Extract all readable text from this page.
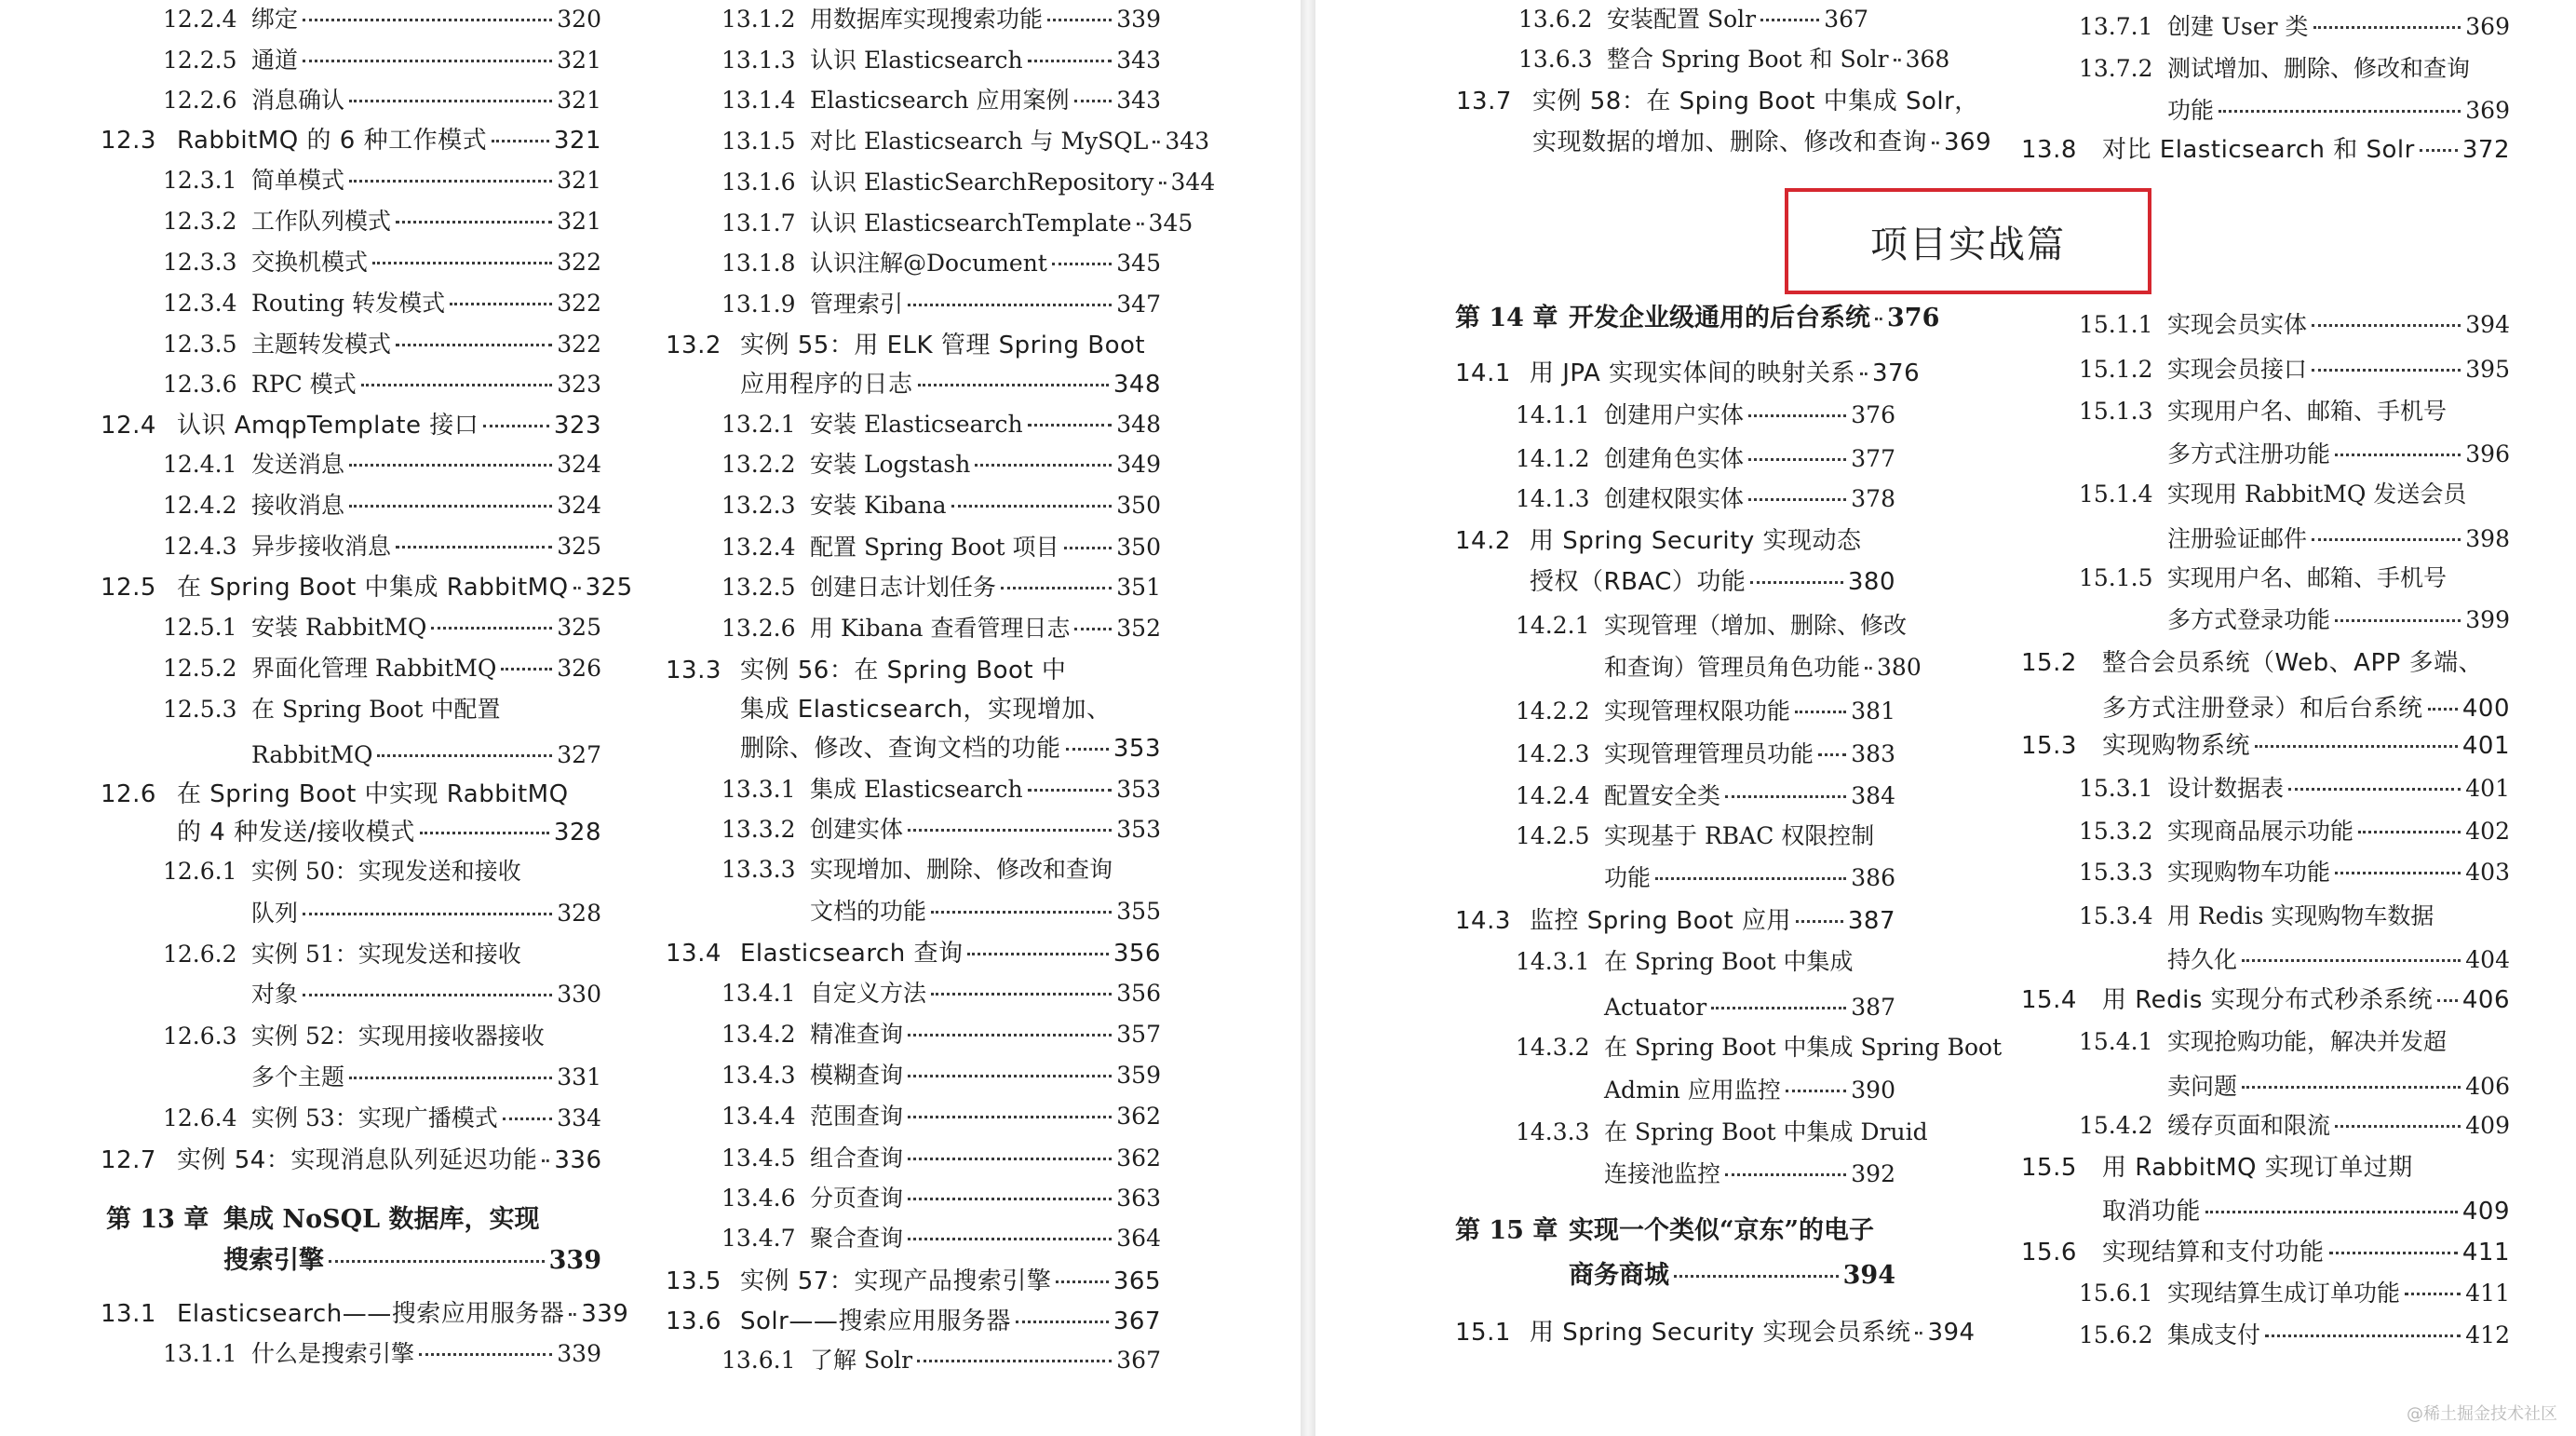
12.2.4 绑定	320
12.2.5 通道	321
12.2.6 消息确认	321
12.3 RabbitMQ 的 6 种工作模式	321
12.3.1 简单模式	321
12.3.2 工作队列模式	321
12.3.3 交换机模式	322
12.3.4 Routing 转发模式	322
12.3.5 主题转发模式	322
12.3.6 RPC 模式	323
12.4 认识 AmqpTemplate 接口	323
12.4.1 发送消息	324
12.4.2 接收消息	324
12.4.3 异步接收消息	325
12.5 在 Spring Boot 中集成 RabbitMQ 325
12.5.1 安装 RabbitMQ	325
12.5.2 界面化管理 RabbitMQ	326
12.5.3 在 Spring Boot 中配置
RabbitMQ	327
12.6 在 Spring Boot 中实现 RabbitMQ
的 4 种发送/接收模式	328
12.6.1 实例 50：实现发送和接收
队列	328
12.6.2 实例 51：实现发送和接收
对象	330
12.6.3 实例 52：实现用接收器接收
多个主题	331
12.6.4 实例 53：实现广播模式	334
12.7 实例 54：实现消息队列延迟功能 336
第 13 章 集成 NoSQL 数据库，实现
搜索引擎	339
13.1 Elasticsearch——搜索应用服务器 339
13.1.1 什么是搜索引擎	339
13.1.2 用数据库实现搜索功能	339
13.1.3 认识 Elasticsearch	343
13.1.4 Elasticsearch 应用案例 343
13.1.5 对比 Elasticsearch 与 MySQL 343
13.1.6 认识 ElasticSearchRepository 344
13.1.7 认识 ElasticsearchTemplate 345
13.1.8 认识注解@Document	345
13.1.9 管理索引	347
13.2 实例 55：用 ELK 管理 Spring Boot
应用程序的日志	348
13.2.1 安装 Elasticsearch	348
13.2.2 安装 Logstash	349
13.2.3 安装 Kibana	350
13.2.4 配置 Spring Boot 项目 350
13.2.5 创建日志计划任务	351
13.2.6 用 Kibana 查看管理日志 352
13.3 实例 56：在 Spring Boot 中
集成 Elasticsearch，实现增加、
删除、修改、查询文档的功能 353
13.3.1 集成 Elasticsearch	353
13.3.2 创建实体	353
13.3.3 实现增加、删除、修改和查询
文档的功能	355
13.4 Elasticsearch 查询	356
13.4.1 自定义方法	356
13.4.2 精准查询	357
13.4.3 模糊查询	359
13.4.4 范围查询	362
13.4.5 组合查询	362
13.4.6 分页查询	363
13.4.7 聚合查询	364
13.5 实例 57：实现产品搜索引擎	365
13.6 Solr——搜索应用服务器	367
13.6.1 了解 Solr	367
13.6.2 安装配置 Solr	367
13.6.3 整合 Spring Boot 和 Solr 368
13.7 实例 58：在 Sping Boot 中集成 Solr，
实现数据的增加、删除、修改和查询 369
第 14 章 开发企业级通用的后台系统 376
14.1 用 JPA 实现实体间的映射关系 376
14.1.1 创建用户实体	376
14.1.2 创建角色实体	377
14.1.3 创建权限实体	378
14.2 用 Spring Security 实现动态
授权（RBAC）功能	380
14.2.1 实现管理（增加、删除、修改
和查询）管理员角色功能 380
14.2.2 实现管理权限功能	381
14.2.3 实现管理管理员功能 383
14.2.4 配置安全类	384
14.2.5 实现基于 RBAC 权限控制
功能	386
14.3 监控 Spring Boot 应用 387
14.3.1 在 Spring Boot 中集成
Actuator	387
14.3.2 在 Spring Boot 中集成 Spring Boot
Admin 应用监控	390
14.3.3 在 Spring Boot 中集成 Druid
连接池监控	392
第 15 章 实现一个类似“京东”的电子
商务商城	394
15.1 用 Spring Security 实现会员系统 394
13.7.1 创建 User 类	369
13.7.2 测试增加、删除、修改和查询
功能	369
13.8	对比 Elasticsearch 和 Solr 372
15.1.1 实现会员实体	394
15.1.2 实现会员接口	395
15.1.3 实现用户名、邮箱、手机号
多方式注册功能	396
15.1.4 实现用 RabbitMQ 发送会员
注册验证邮件	398
15.1.5 实现用户名、邮箱、手机号
多方式登录功能	399
15.2	整合会员系统（Web、APP 多端、
多方式注册登录）和后台系统 400
15.3	实现购物系统	401
15.3.1 设计数据表	401
15.3.2 实现商品展示功能	402
15.3.3 实现购物车功能	403
15.3.4 用 Redis 实现购物车数据
持久化	404
15.4	用 Redis 实现分布式秒杀系统 406
15.4.1 实现抢购功能，解决并发超
卖问题	406
15.4.2 缓存页面和限流	409
15.5	用 RabbitMQ 实现订单过期
取消功能	409
15.6	实现结算和支付功能	411
15.6.1 实现结算生成订单功能	411
15.6.2 集成支付	412
项目实战篇
@稀土掘金技术社区
